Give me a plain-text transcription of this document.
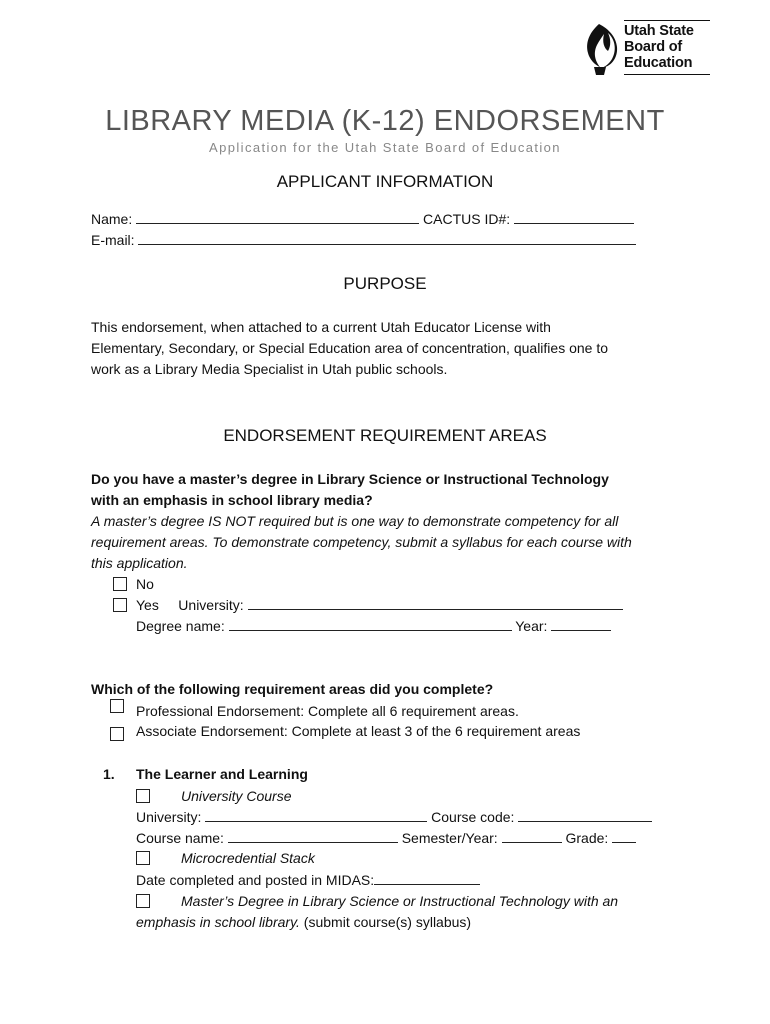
Utah State
Board of
Education
LIBRARY MEDIA (K-12) ENDORSEMENT
Application for the Utah State Board of Education
APPLICANT INFORMATION
Name:	CACTUS ID#:
E-mail:
PURPOSE
This endorsement, when attached to a current Utah Educator License with
Elementary, Secondary, or Special Education area of concentration, qualifies one to
work as a Library Media Specialist in Utah public schools.
ENDORSEMENT REQUIREMENT AREAS
Do you have a master’s degree in Library Science or Instructional Technology
with an emphasis in school library media?
A master’s degree IS NOT required but is one way to demonstrate competency for all
requirement areas. To demonstrate competency, submit a syllabus for each course with
this application.
No
Yes University:
Degree name:	Year:
Which of the following requirement areas did you complete?
Professional Endorsement: Complete all 6 requirement areas.
Associate Endorsement: Complete at least 3 of the 6 requirement areas
1. The Learner and Learning
University Course
University:	Course code:
Course name:	Semester/Year:	Grade:
Microcredential Stack
Date completed and posted in MIDAS:
Master’s Degree in Library Science or Instructional Technology with an
emphasis in school library. (submit course(s) syllabus)
